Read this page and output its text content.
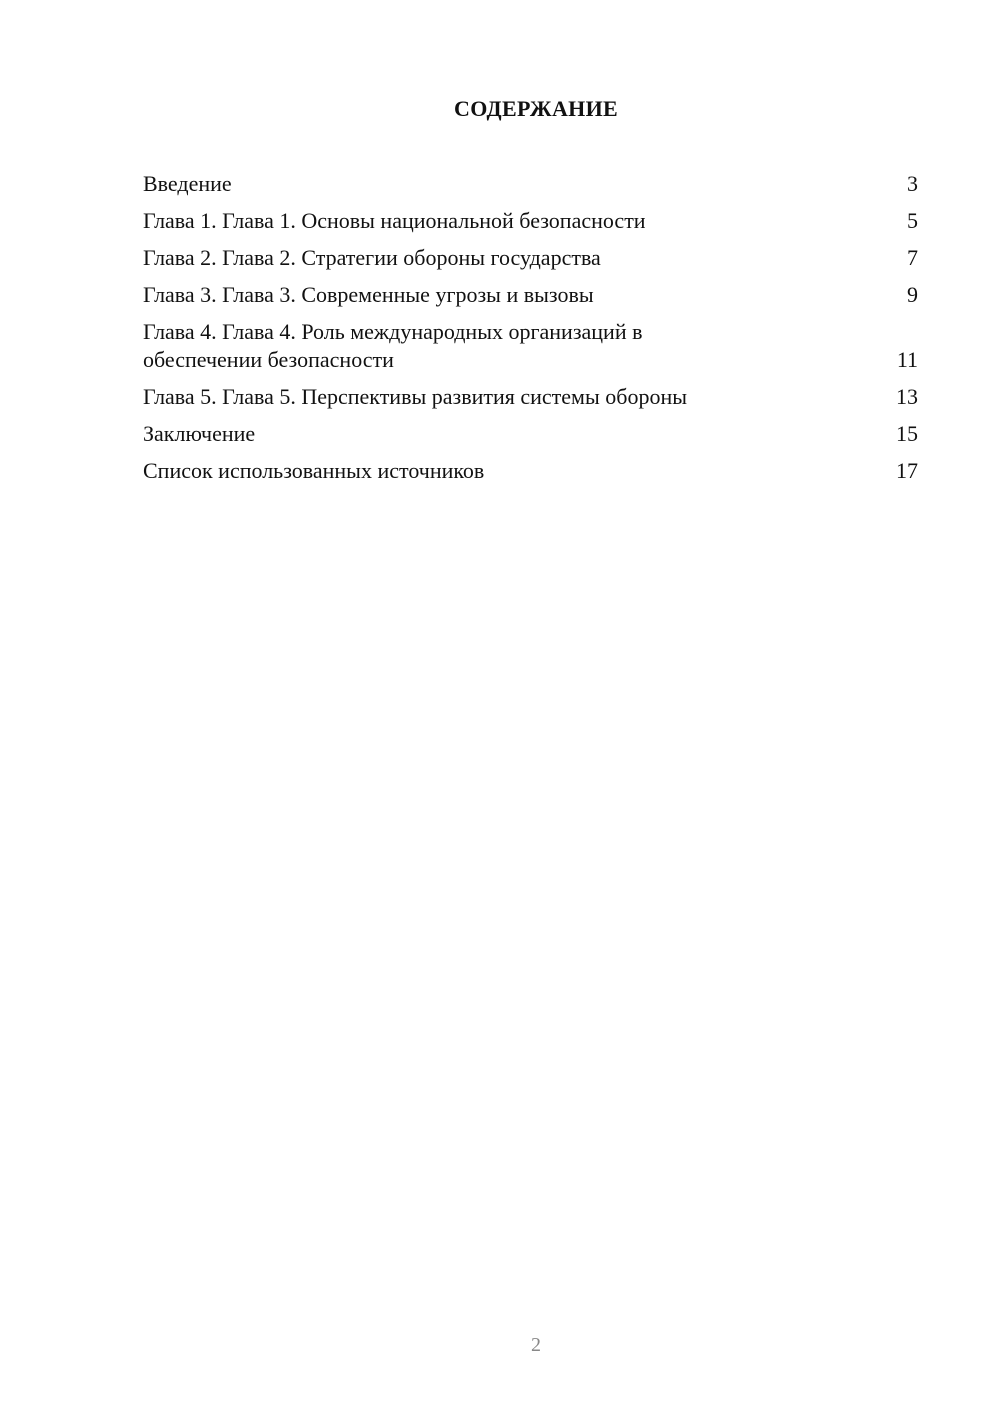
СОДЕРЖАНИЕ
Введение	3
Глава 1. Глава 1. Основы национальной безопасности	5
Глава 2. Глава 2. Стратегии обороны государства	7
Глава 3. Глава 3. Современные угрозы и вызовы	9
Глава 4. Глава 4. Роль международных организаций в обеспечении безопасности	11
Глава 5. Глава 5. Перспективы развития системы обороны	13
Заключение	15
Список использованных источников	17
2
